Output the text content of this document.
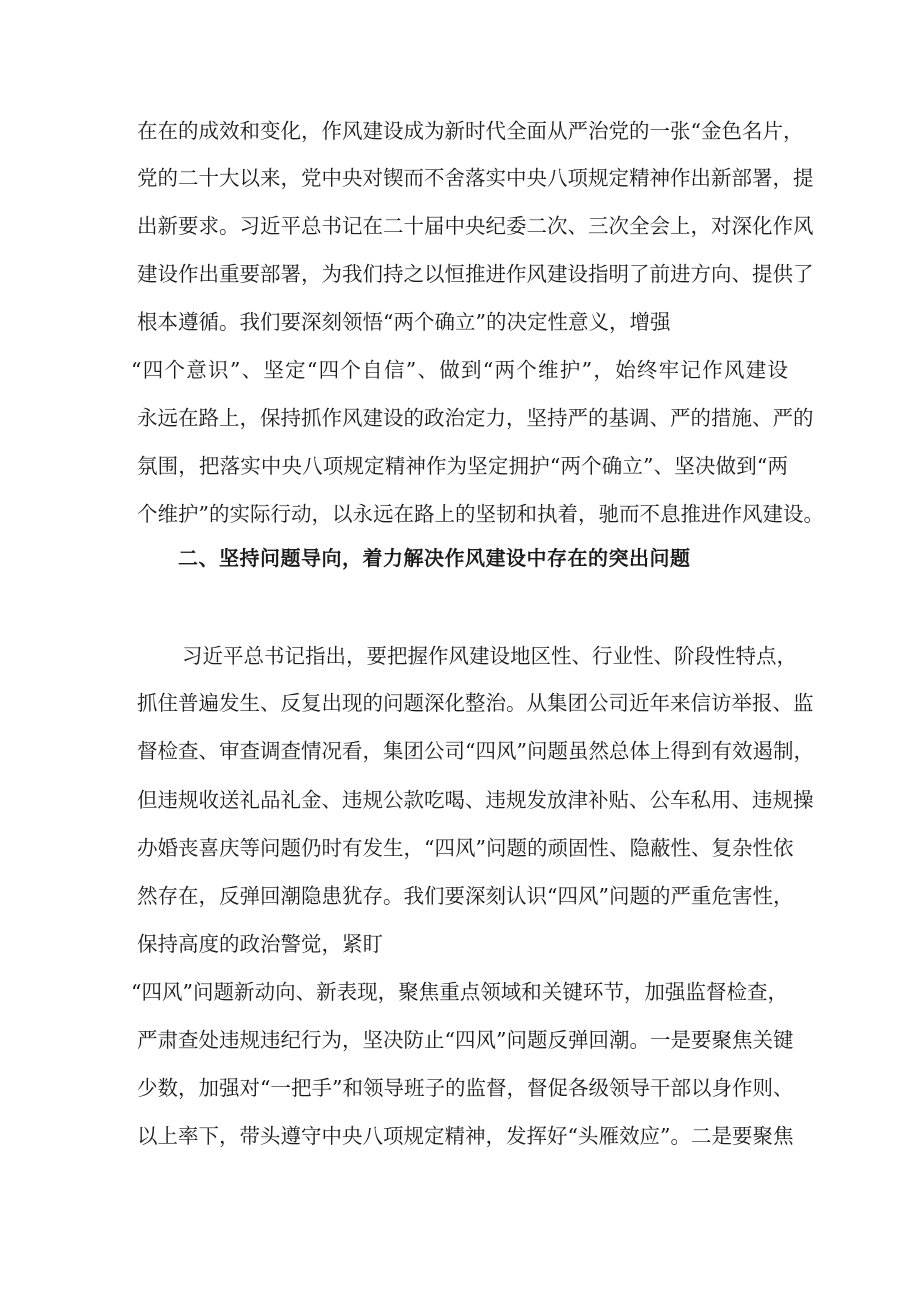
在在的成效和变化，作风建设成为新时代全面从严治党的一张“金色名片，
党的二十大以来，党中央对锲而不舍落实中央八项规定精神作出新部署，提
出新要求。习近平总书记在二十届中央纪委二次、三次全会上，对深化作风
建设作出重要部署，为我们持之以恒推进作风建设指明了前进方向、提供了
根本遵循。我们要深刻领悟“两个确立”的决定性意义，增强
“四个意识”、坚定“四个自信”、做到“两个维护”，始终牢记作风建设
永远在路上，保持抓作风建设的政治定力，坚持严的基调、严的措施、严的
氛围，把落实中央八项规定精神作为坚定拥护“两个确立”、坚决做到“两
个维护”的实际行动，以永远在路上的坚韧和执着，驰而不息推进作风建设。
二、坚持问题导向，着力解决作风建设中存在的突出问题
习近平总书记指出，要把握作风建设地区性、行业性、阶段性特点，
抓住普遍发生、反复出现的问题深化整治。从集团公司近年来信访举报、监
督检查、审查调查情况看，集团公司“四风”问题虽然总体上得到有效遏制，
但违规收送礼品礼金、违规公款吃喝、违规发放津补贴、公车私用、违规操
办婚丧喜庆等问题仍时有发生，“四风”问题的顽固性、隐蔽性、复杂性依
然存在，反弹回潮隐患犹存。我们要深刻认识“四风”问题的严重危害性，
保持高度的政治警觉，紧盯
“四风”问题新动向、新表现，聚焦重点领域和关键环节，加强监督检查，
严肃查处违规违纪行为，坚决防止“四风”问题反弹回潮。一是要聚焦关键
少数，加强对“一把手”和领导班子的监督，督促各级领导干部以身作则、
以上率下，带头遵守中央八项规定精神，发挥好“头雁效应”。二是要聚焦
